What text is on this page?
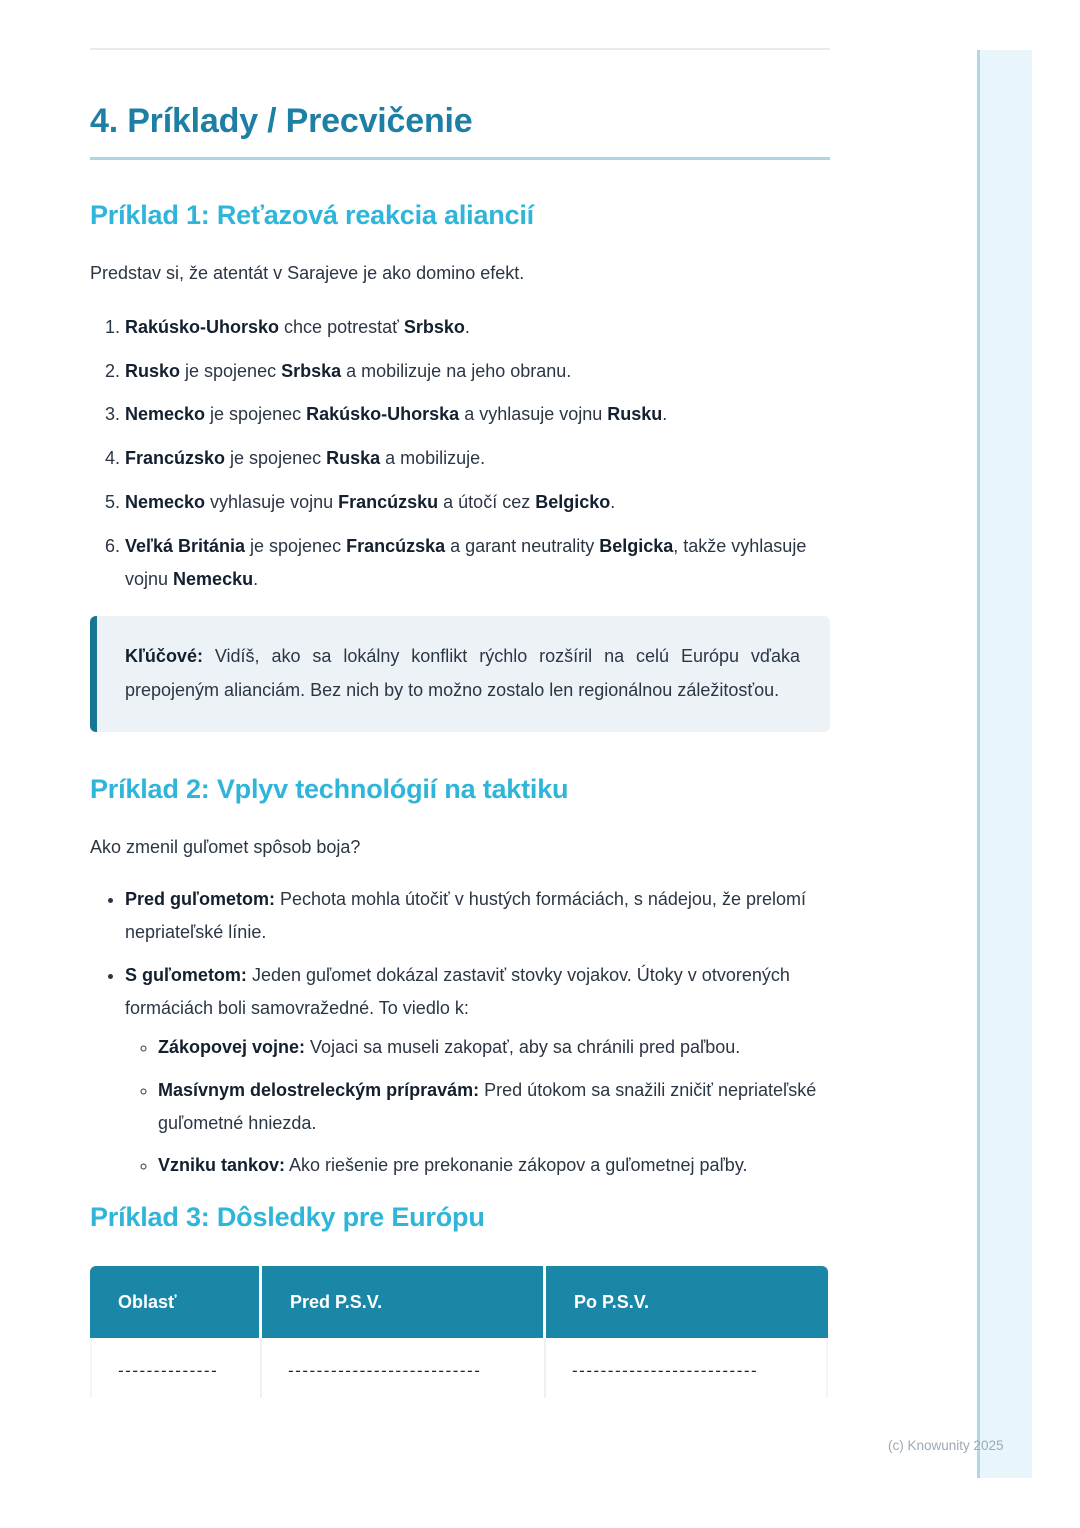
4. Príklady / Precvičenie
Príklad 1: Reťazová reakcia aliancií

Predstav si, že atentát v Sarajeve je ako domino efekt.

1. Rakúsko-Uhorsko chce potrestať Srbsko.
2. Rusko je spojenec Srbska a mobilizuje na jeho obranu.
3. Nemecko je spojenec Rakúsko-Uhorska a vyhlasuje vojnu Rusku.
4. Francúzsko je spojenec Ruska a mobilizuje.
5. Nemecko vyhlasuje vojnu Francúzsku a útočí cez Belgicko.
6. Veľká Británia je spojenec Francúzska a garant neutrality Belgicka, takže vyhlasuje vojnu Nemecku.

Kľúčové: Vidíš, ako sa lokálny konflikt rýchlo rozšíril na celú Európu vďaka prepojeným alianciám. Bez nich by to možno zostalo len regionálnou záležitosťou.

Príklad 2: Vplyv technológií na taktiku

Ako zmenil guľomet spôsob boja?

• Pred guľometom: Pechota mohla útočiť v hustých formáciách, s nádejou, že prelomí nepriateľské línie.
• S guľometom: Jeden guľomet dokázal zastaviť stovky vojakov. Útoky v otvorených formáciách boli samovražedné. To viedlo k:
◦ Zákopovej vojne: Vojaci sa museli zakopať, aby sa chránili pred paľbou.
◦ Masívnym delostreleckým prípravám: Pred útokom sa snažili zničiť nepriateľské guľometné hniezda.
◦ Vzniku tankov: Ako riešenie pre prekonanie zákopov a guľometnej paľby.
Príklad 3: Dôsledky pre Európu
Oblasť	Pred P.S.V.	Po P.S.V.
--------------	---------------------------	--------------------------
(c) Knowunity 2025
